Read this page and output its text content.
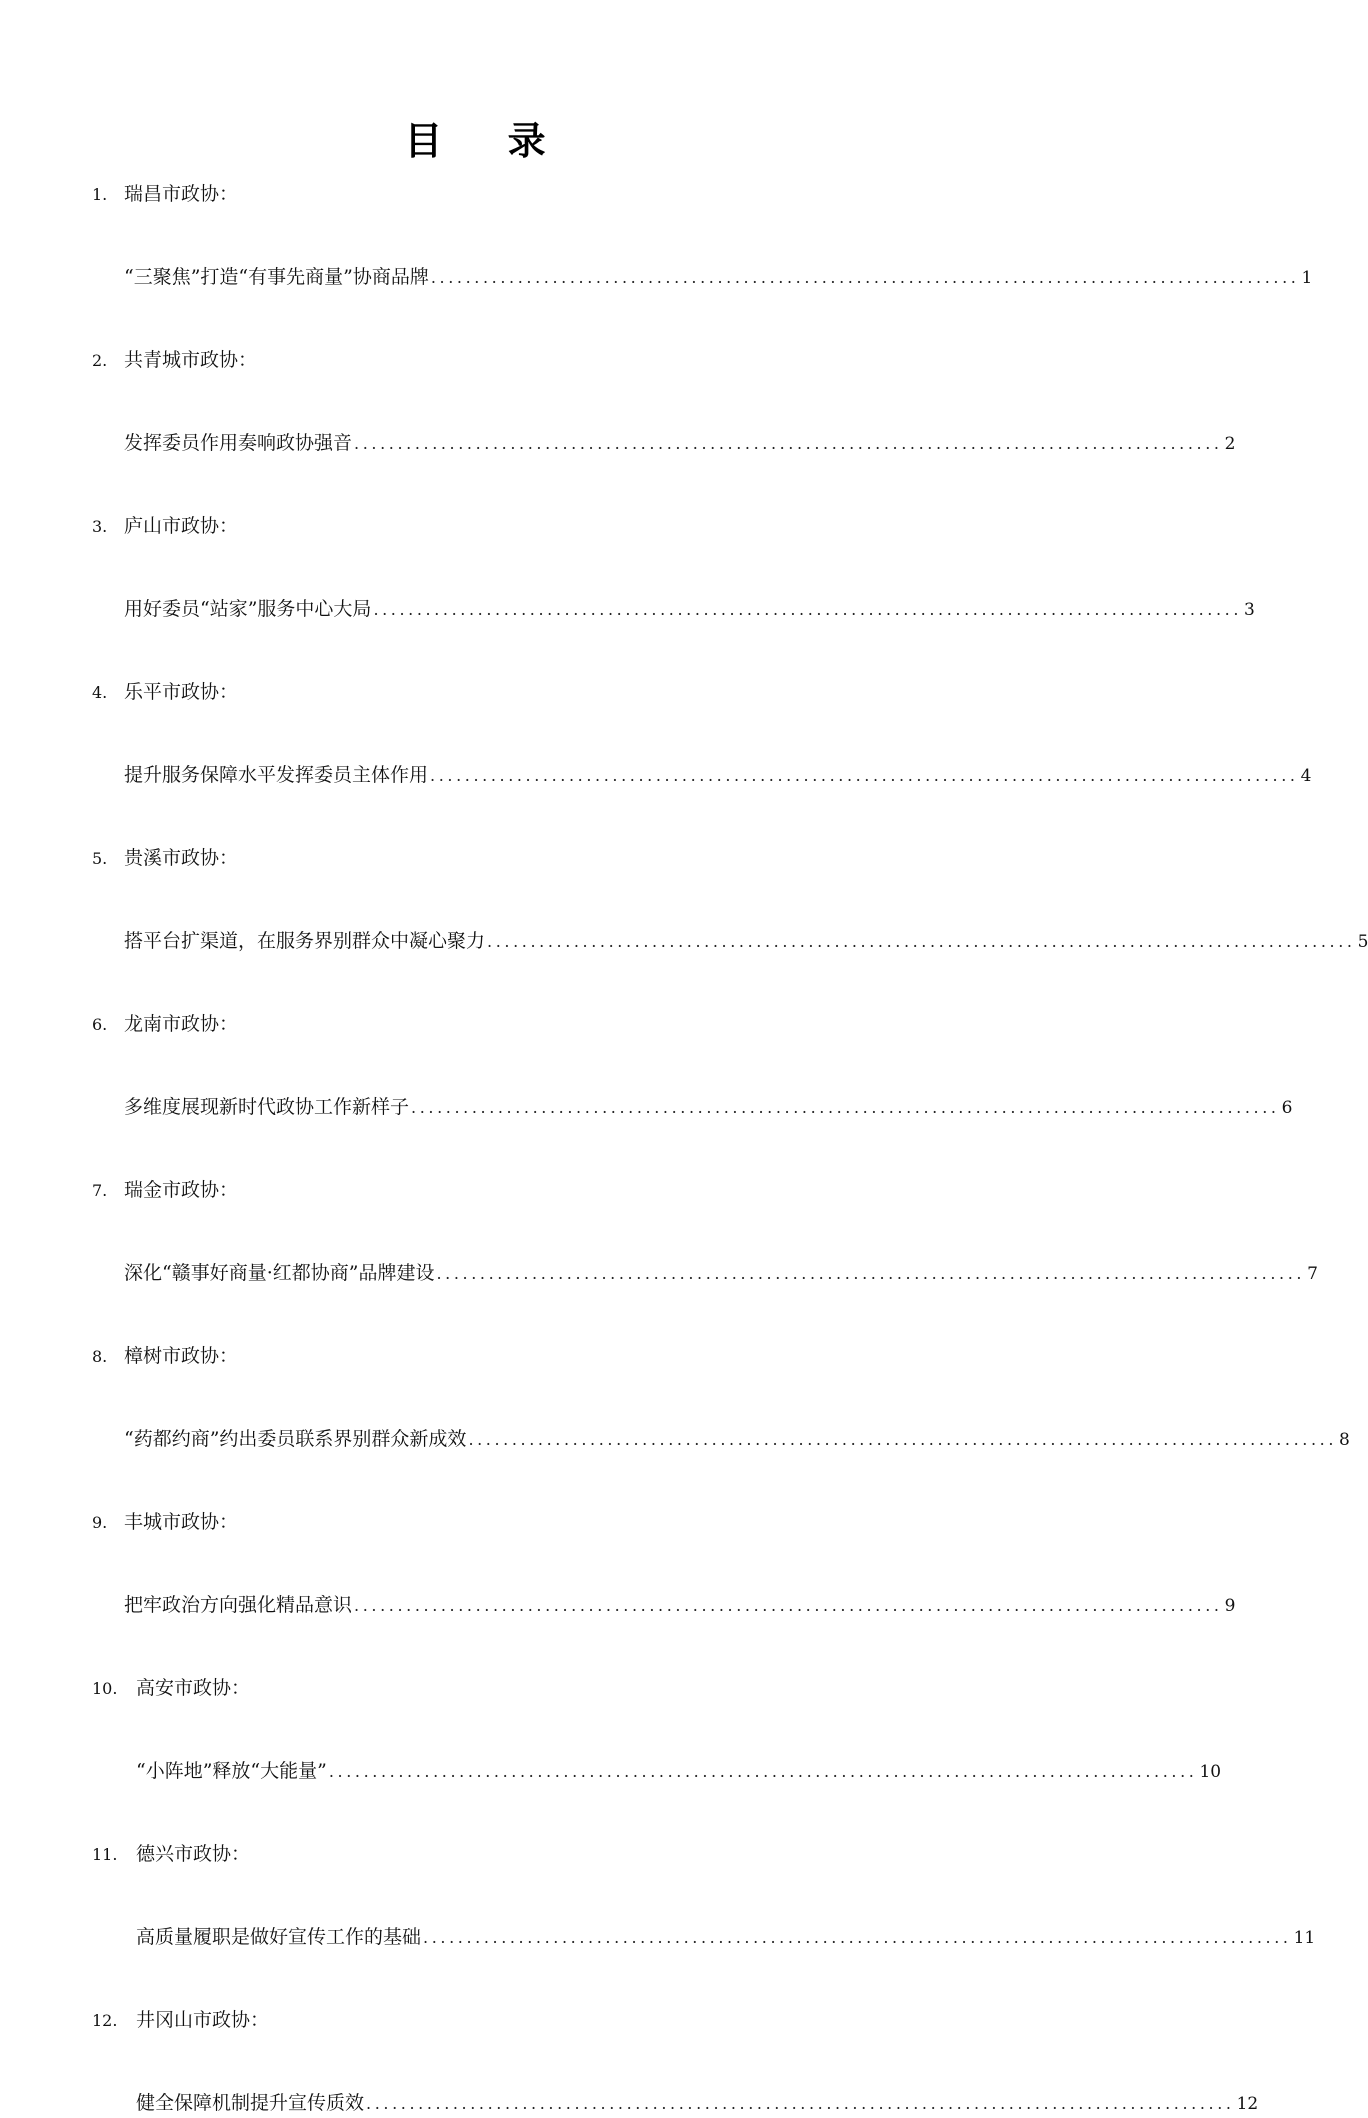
目 录
1. 瑞昌市政协：
“三聚焦”打造“有事先商量”协商品牌 .................................................................................................... 1
2. 共青城市政协：
发挥委员作用奏响政协强音 .................................................................................................... 2
3. 庐山市政协：
用好委员“站家”服务中心大局 .................................................................................................... 3
4. 乐平市政协：
提升服务保障水平发挥委员主体作用 .................................................................................................... 4
5. 贵溪市政协：
搭平台扩渠道，在服务界别群众中凝心聚力 .................................................................................................... 5
6. 龙南市政协：
多维度展现新时代政协工作新样子 .................................................................................................... 6
7. 瑞金市政协：
深化“赣事好商量·红都协商”品牌建设 .................................................................................................... 7
8. 樟树市政协：
“药都约商”约出委员联系界别群众新成效 .................................................................................................... 8
9. 丰城市政协：
把牢政治方向强化精品意识 .................................................................................................... 9
10. 高安市政协：
“小阵地”释放“大能量” .................................................................................................... 10
11. 德兴市政协：
高质量履职是做好宣传工作的基础 .................................................................................................... 11
12. 井冈山市政协：
健全保障机制提升宣传质效 .................................................................................................... 12
